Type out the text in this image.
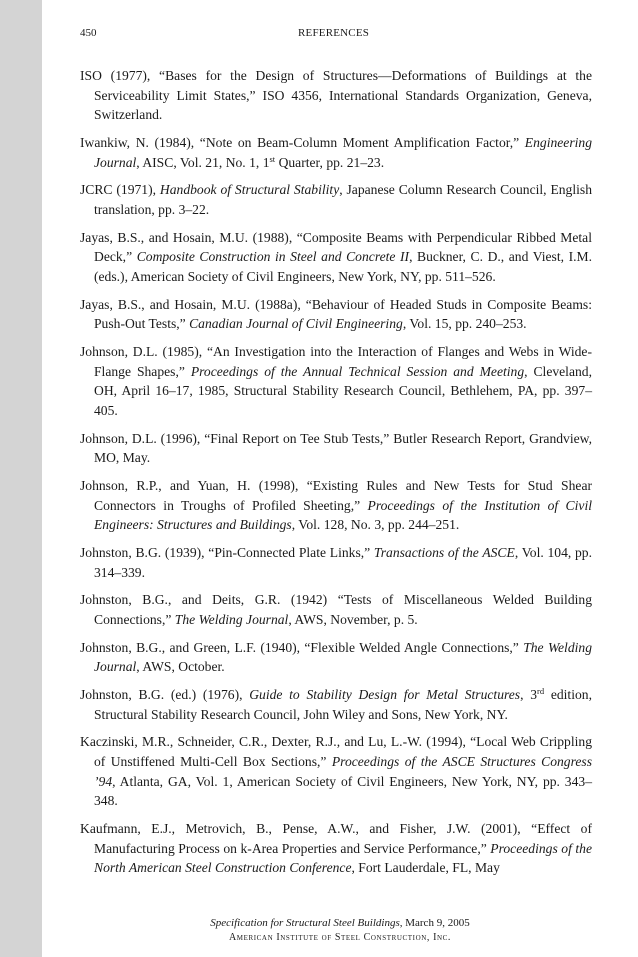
450	REFERENCES

ISO (1977), “Bases for the Design of Structures—Deformations of Buildings at the Serviceability Limit States,” ISO 4356, International Standards Organization, Geneva, Switzerland.

Iwankiw, N. (1984), “Note on Beam-Column Moment Amplification Factor,” Engineering Journal, AISC, Vol. 21, No. 1, 1st Quarter, pp. 21–23.

JCRC (1971), Handbook of Structural Stability, Japanese Column Research Council, English translation, pp. 3–22.

Jayas, B.S., and Hosain, M.U. (1988), “Composite Beams with Perpendicular Ribbed Metal Deck,” Composite Construction in Steel and Concrete II, Buckner, C. D., and Viest, I.M. (eds.), American Society of Civil Engineers, New York, NY, pp. 511–526.

Jayas, B.S., and Hosain, M.U. (1988a), “Behaviour of Headed Studs in Composite Beams: Push-Out Tests,” Canadian Journal of Civil Engineering, Vol. 15, pp. 240–253.

Johnson, D.L. (1985), “An Investigation into the Interaction of Flanges and Webs in Wide-Flange Shapes,” Proceedings of the Annual Technical Session and Meeting, Cleveland, OH, April 16–17, 1985, Structural Stability Research Council, Bethlehem, PA, pp. 397–405.

Johnson, D.L. (1996), “Final Report on Tee Stub Tests,” Butler Research Report, Grandview, MO, May.

Johnson, R.P., and Yuan, H. (1998), “Existing Rules and New Tests for Stud Shear Connectors in Troughs of Profiled Sheeting,” Proceedings of the Institution of Civil Engineers: Structures and Buildings, Vol. 128, No. 3, pp. 244–251.

Johnston, B.G. (1939), “Pin-Connected Plate Links,” Transactions of the ASCE, Vol. 104, pp. 314–339.

Johnston, B.G., and Deits, G.R. (1942) “Tests of Miscellaneous Welded Building Connections,” The Welding Journal, AWS, November, p. 5.

Johnston, B.G., and Green, L.F. (1940), “Flexible Welded Angle Connections,” The Welding Journal, AWS, October.

Johnston, B.G. (ed.) (1976), Guide to Stability Design for Metal Structures, 3rd edition, Structural Stability Research Council, John Wiley and Sons, New York, NY.

Kaczinski, M.R., Schneider, C.R., Dexter, R.J., and Lu, L.-W. (1994), “Local Web Crippling of Unstiffened Multi-Cell Box Sections,” Proceedings of the ASCE Structures Congress ’94, Atlanta, GA, Vol. 1, American Society of Civil Engineers, New York, NY, pp. 343–348.

Kaufmann, E.J., Metrovich, B., Pense, A.W., and Fisher, J.W. (2001), “Effect of Manufacturing Process on k-Area Properties and Service Performance,” Proceedings of the North American Steel Construction Conference, Fort Lauderdale, FL, May

Specification for Structural Steel Buildings, March 9, 2005
American Institute of Steel Construction, Inc.
